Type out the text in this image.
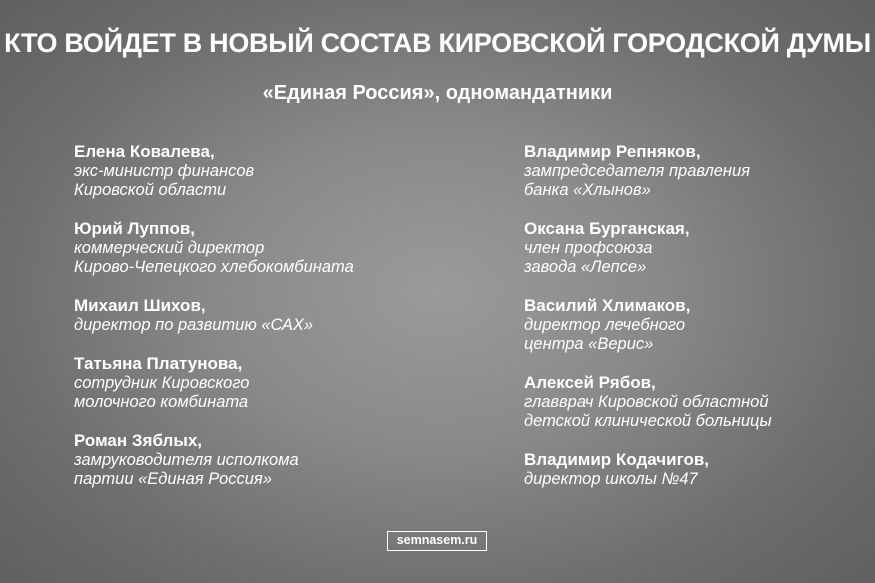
КТО ВОЙДЕТ В НОВЫЙ СОСТАВ КИРОВСКОЙ ГОРОДСКОЙ ДУМЫ
«Единая Россия», одномандатники
Елена Ковалева,
экс-министр финансов
Кировской области
Юрий Луппов,
коммерческий директор
Кирово-Чепецкого хлебокомбината
Михаил Шихов,
директор по развитию «САХ»
Татьяна Платунова,
сотрудник Кировского
молочного комбината
Роман Зяблых,
замруководителя исполкома
партии «Единая Россия»
Владимир Репняков,
зампредседателя правления
банка «Хлынов»
Оксана Бурганская,
член профсоюза
завода «Лепсе»
Василий Хлимаков,
директор лечебного
центра «Верис»
Алексей Рябов,
главврач Кировской областной
детской клинической больницы
Владимир Кодачигов,
директор школы №47
semnasem.ru
